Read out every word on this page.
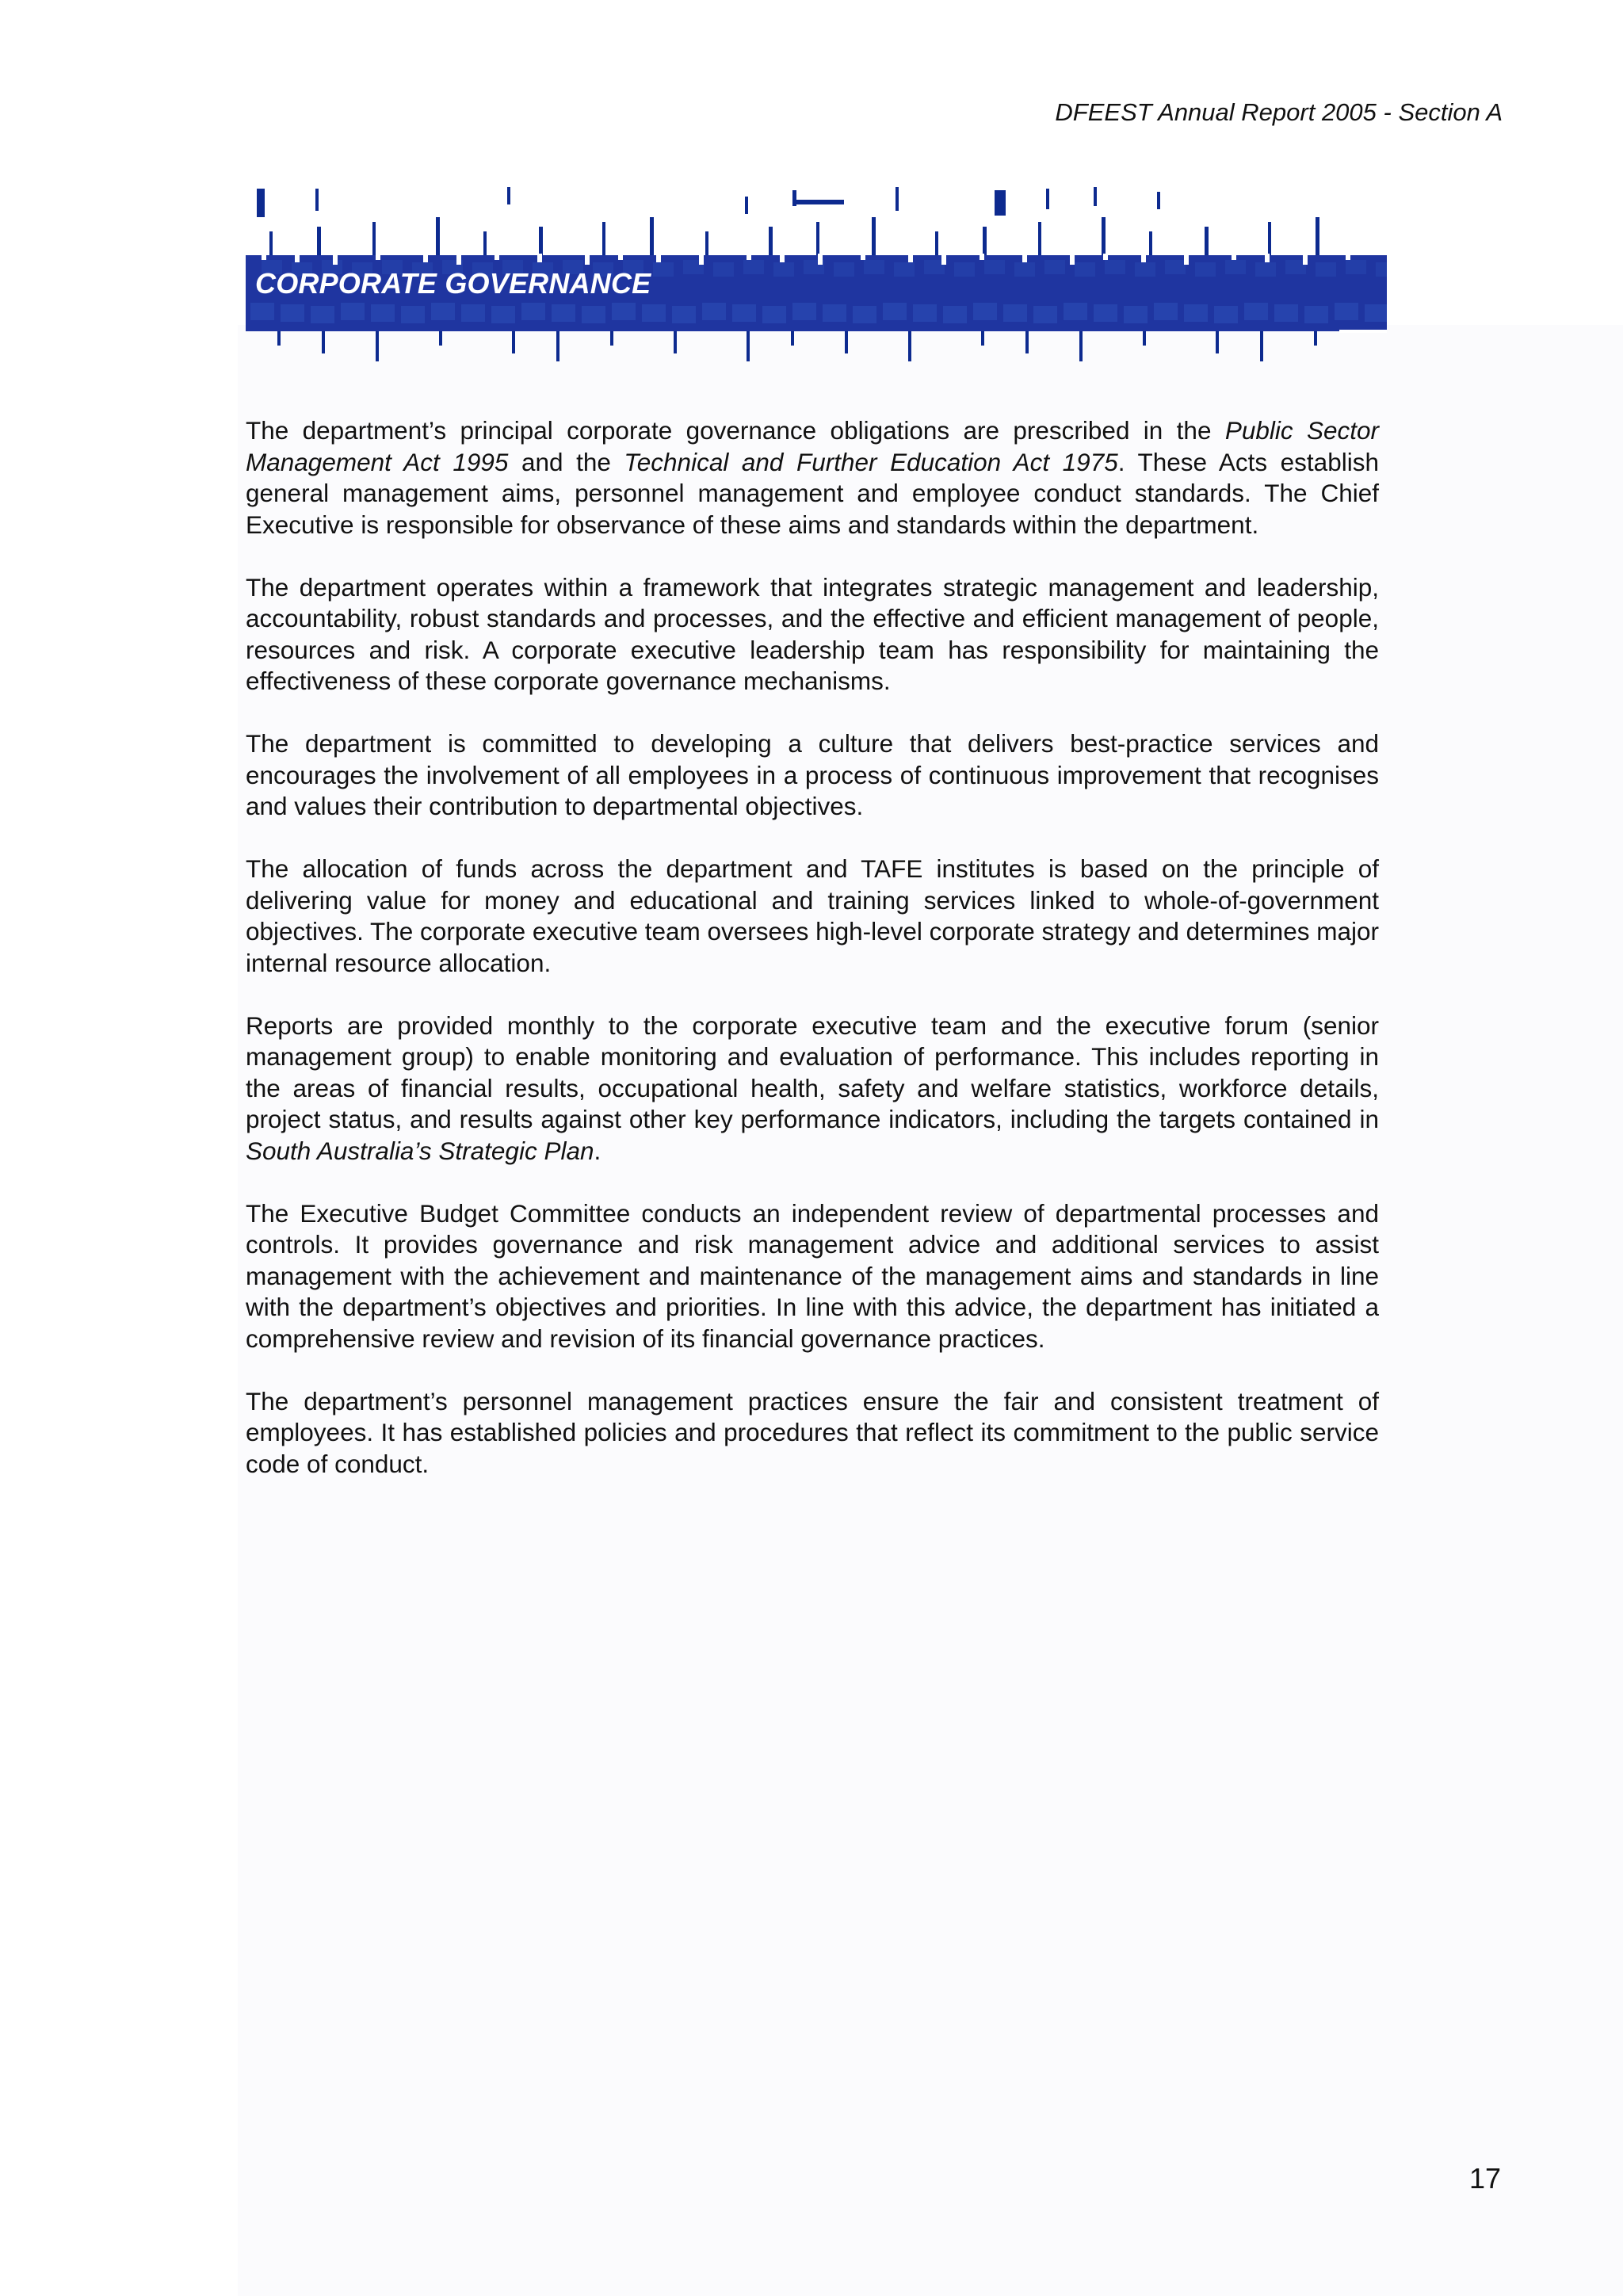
DFEEST Annual Report 2005 - Section A
CORPORATE GOVERNANCE

The department’s principal corporate governance obligations are prescribed in the Public Sector Management Act 1995 and the Technical and Further Education Act 1975. These Acts establish general management aims, personnel management and employee conduct standards. The Chief Executive is responsible for observance of these aims and standards within the department.

The department operates within a framework that integrates strategic management and leadership, accountability, robust standards and processes, and the effective and efficient management of people, resources and risk. A corporate executive leadership team has responsibility for maintaining the effectiveness of these corporate governance mechanisms.

The department is committed to developing a culture that delivers best-practice services and encourages the involvement of all employees in a process of continuous improvement that recognises and values their contribution to departmental objectives.

The allocation of funds across the department and TAFE institutes is based on the principle of delivering value for money and educational and training services linked to whole-of-government objectives. The corporate executive team oversees high-level corporate strategy and determines major internal resource allocation.

Reports are provided monthly to the corporate executive team and the executive forum (senior management group) to enable monitoring and evaluation of performance. This includes reporting in the areas of financial results, occupational health, safety and welfare statistics, workforce details, project status, and results against other key performance indicators, including the targets contained in South Australia’s Strategic Plan.

The Executive Budget Committee conducts an independent review of departmental processes and controls. It provides governance and risk management advice and additional services to assist management with the achievement and maintenance of the management aims and standards in line with the department’s objectives and priorities. In line with this advice, the department has initiated a comprehensive review and revision of its financial governance practices.

The department’s personnel management practices ensure the fair and consistent treatment of employees. It has established policies and procedures that reflect its commitment to the public service code of conduct.

17
